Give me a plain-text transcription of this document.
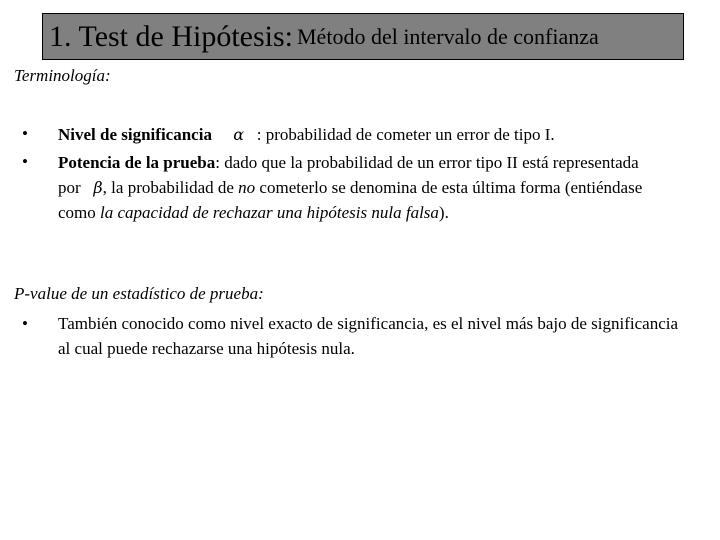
1. Test de Hipótesis:
Método del intervalo de confianza
Terminología:
• Nivel de significancia α : probabilidad de cometer un error de tipo I.
• Potencia de la prueba: dado que la probabilidad de un error tipo II está representada por β, la probabilidad de no cometerlo se denomina de esta última forma (entiéndase como la capacidad de rechazar una hipótesis nula falsa).
P-value de un estadístico de prueba:
• También conocido como nivel exacto de significancia, es el nivel más bajo de significancia al cual puede rechazarse una hipótesis nula.
